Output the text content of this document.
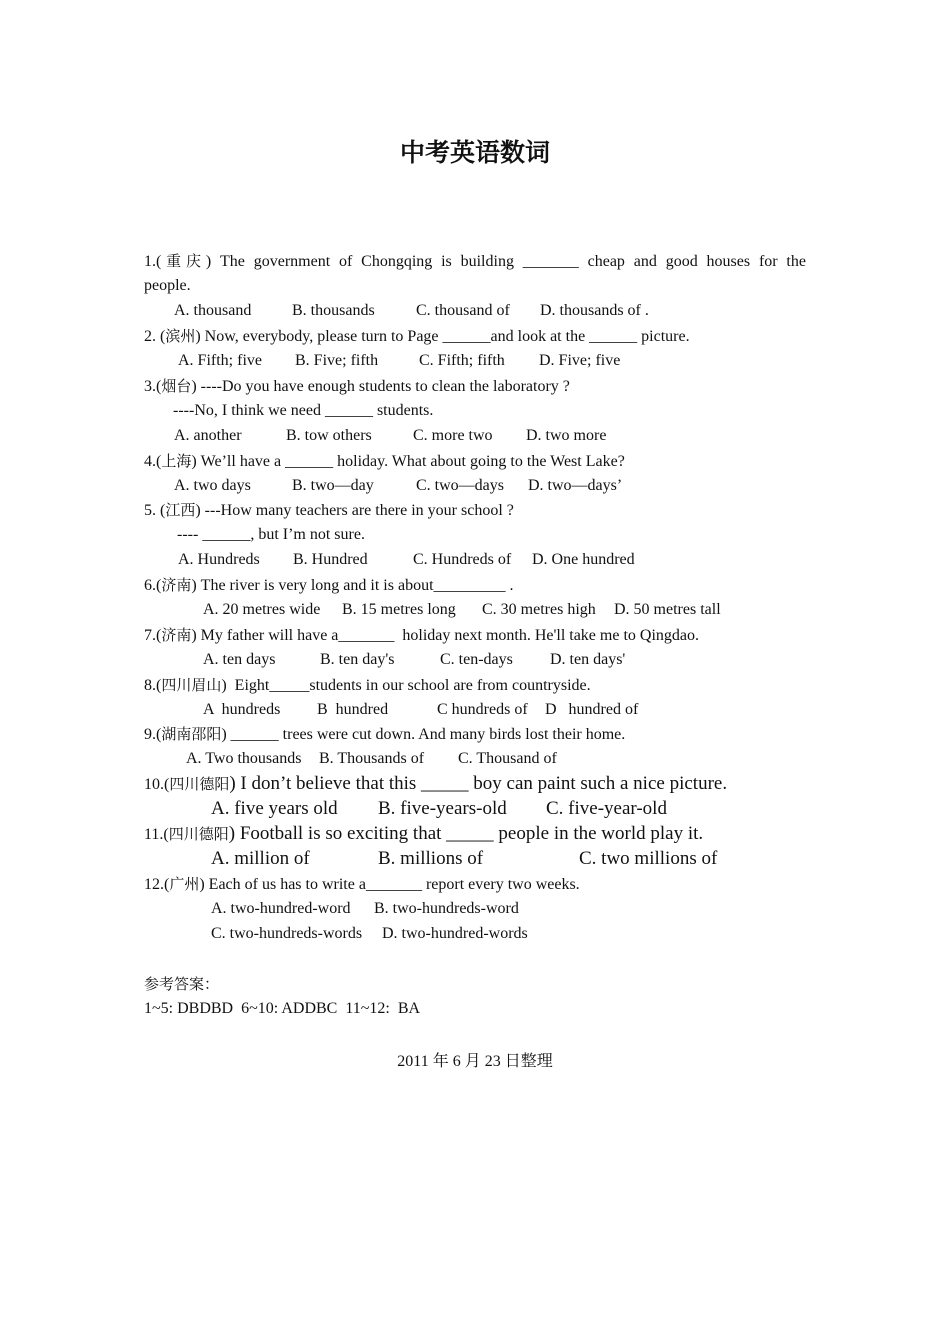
中考英语数词
1.(重庆) The government of Chongqing is building _______ cheap and good houses for the
people.
A. thousand	B. thousands	C. thousand of D. thousands of .
2. (滨州) Now, everybody, please turn to Page ______and look at the ______ picture.
A. Fifth; five B. Five; fifth	C. Fifth; fifth D. Five; five
3.(烟台) ----Do you have enough students to clean the laboratory ?
----No, I think we need ______ students.
A. another	B. tow others	C. more two D. two more
4.(上海) We’ll have a ______ holiday. What about going to the West Lake?
A. two days	B. two—day	C. two—days D. two—days’
5. (江西) ---How many teachers are there in your school ?
---- ______, but I’m not sure.
A. Hundreds B. Hundred	C. Hundreds of D. One hundred
6.(济南) The river is very long and it is about_________ .
A. 20 metres wide B. 15 metres long C. 30 metres high D. 50 metres tall
7.(济南) My father will have a_______  holiday next month. He'll take me to Qingdao.
A. ten days	B. ten day's	C. ten-days D. ten days'
8.(四川眉山)  Eight_____students in our school are from countryside.
A  hundreds B  hundred	C hundreds of D   hundred of
9.(湖南邵阳) ______ trees were cut down. And many birds lost their home.
A. Two thousands B. Thousands of C. Thousand of
10.(四川德阳) I don’t believe that this _____ boy can paint such a nice picture.
A. five years old B. five-years-old C. five-year-old
11.(四川德阳) Football is so exciting that _____ people in the world play it.
A. million of	B. millions of	C. two millions of
12.(广州) Each of us has to write a_______ report every two weeks.
A. two-hundred-word B. two-hundreds-word
C. two-hundreds-words D. two-hundred-words
参考答案：
1~5: DBDBD  6~10: ADDBC  11~12:  BA
2011 年 6 月 23 日整理
